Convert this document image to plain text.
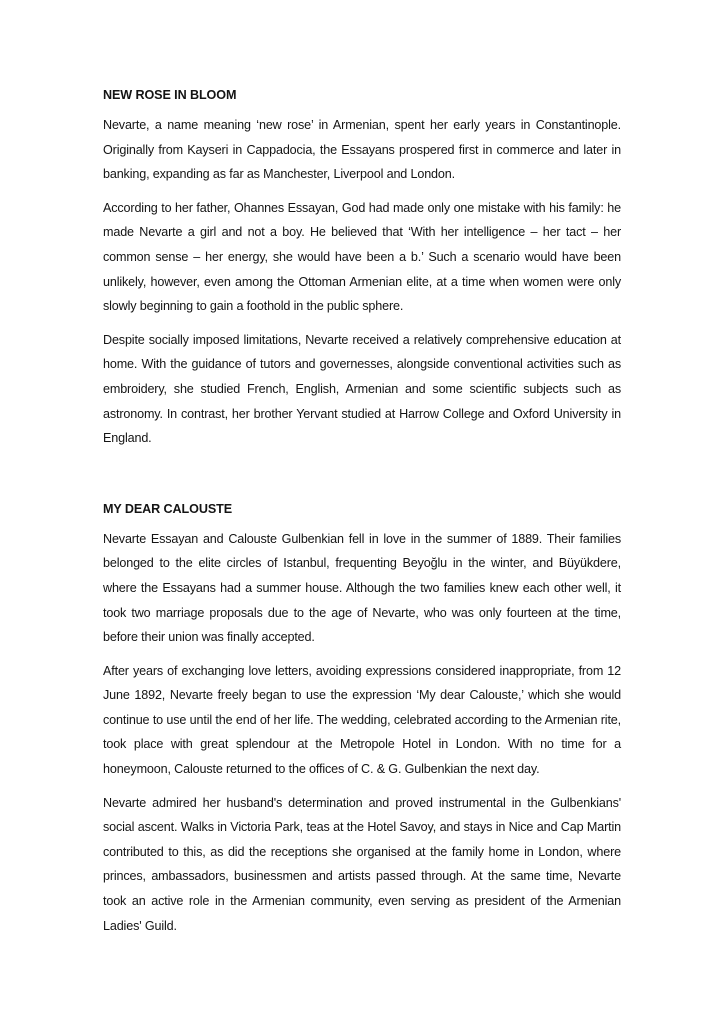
NEW ROSE IN BLOOM

Nevarte, a name meaning ‘new rose’ in Armenian, spent her early years in Constantinople. Originally from Kayseri in Cappadocia, the Essayans prospered first in commerce and later in banking, expanding as far as Manchester, Liverpool and London.

According to her father, Ohannes Essayan, God had made only one mistake with his family: he made Nevarte a girl and not a boy. He believed that ‘With her intelligence – her tact – her common sense – her energy, she would have been a b.’ Such a scenario would have been unlikely, however, even among the Ottoman Armenian elite, at a time when women were only slowly beginning to gain a foothold in the public sphere.

Despite socially imposed limitations, Nevarte received a relatively comprehensive education at home. With the guidance of tutors and governesses, alongside conventional activities such as embroidery, she studied French, English, Armenian and some scientific subjects such as astronomy. In contrast, her brother Yervant studied at Harrow College and Oxford University in England.

MY DEAR CALOUSTE

Nevarte Essayan and Calouste Gulbenkian fell in love in the summer of 1889. Their families belonged to the elite circles of Istanbul, frequenting Beyoğlu in the winter, and Büyükdere, where the Essayans had a summer house. Although the two families knew each other well, it took two marriage proposals due to the age of Nevarte, who was only fourteen at the time, before their union was finally accepted.

After years of exchanging love letters, avoiding expressions considered inappropriate, from 12 June 1892, Nevarte freely began to use the expression ‘My dear Calouste,’ which she would continue to use until the end of her life. The wedding, celebrated according to the Armenian rite, took place with great splendour at the Metropole Hotel in London. With no time for a honeymoon, Calouste returned to the offices of C. & G. Gulbenkian the next day.

Nevarte admired her husband's determination and proved instrumental in the Gulbenkians' social ascent. Walks in Victoria Park, teas at the Hotel Savoy, and stays in Nice and Cap Martin contributed to this, as did the receptions she organised at the family home in London, where princes, ambassadors, businessmen and artists passed through. At the same time, Nevarte took an active role in the Armenian community, even serving as president of the Armenian Ladies' Guild.
